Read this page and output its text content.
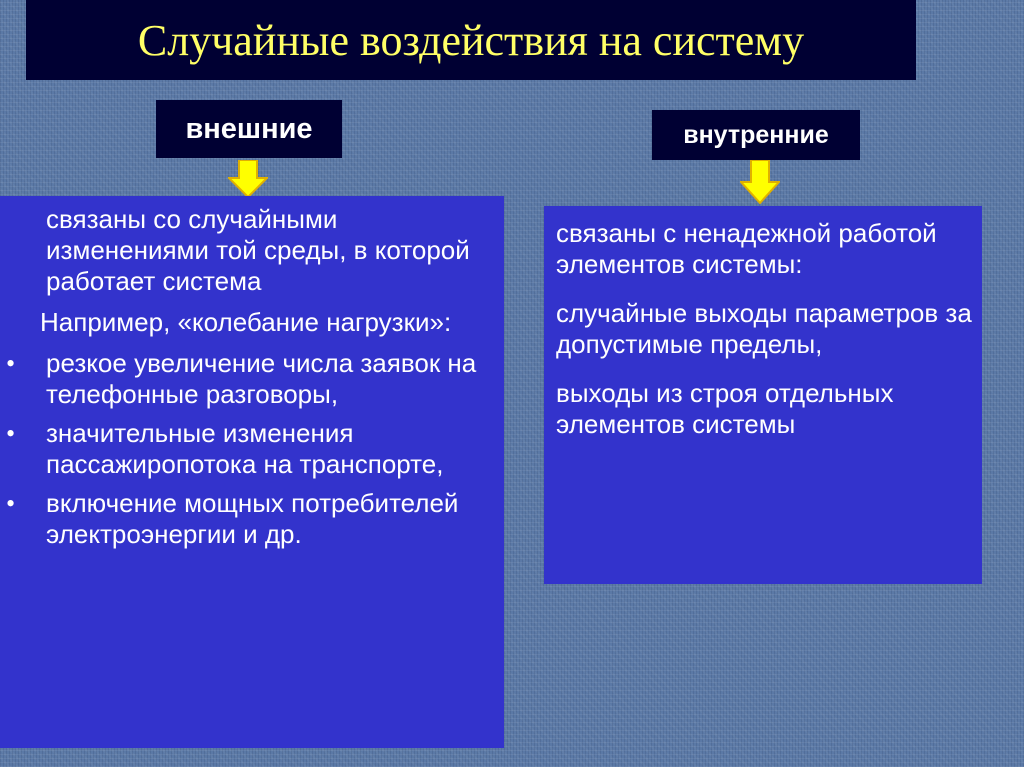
Случайные воздействия на систему
внешние	внутренние
связаны со случайными изменениями той среды, в которой работает система
Например, «колебание нагрузки»:
• резкое увеличение числа заявок на телефонные разговоры,
• значительные изменения пассажиропотока на транспорте,
• включение мощных потребителей электроэнергии и др.
связаны с ненадежной работой элементов системы:
случайные выходы параметров за допустимые пределы,
выходы из строя отдельных элементов системы
